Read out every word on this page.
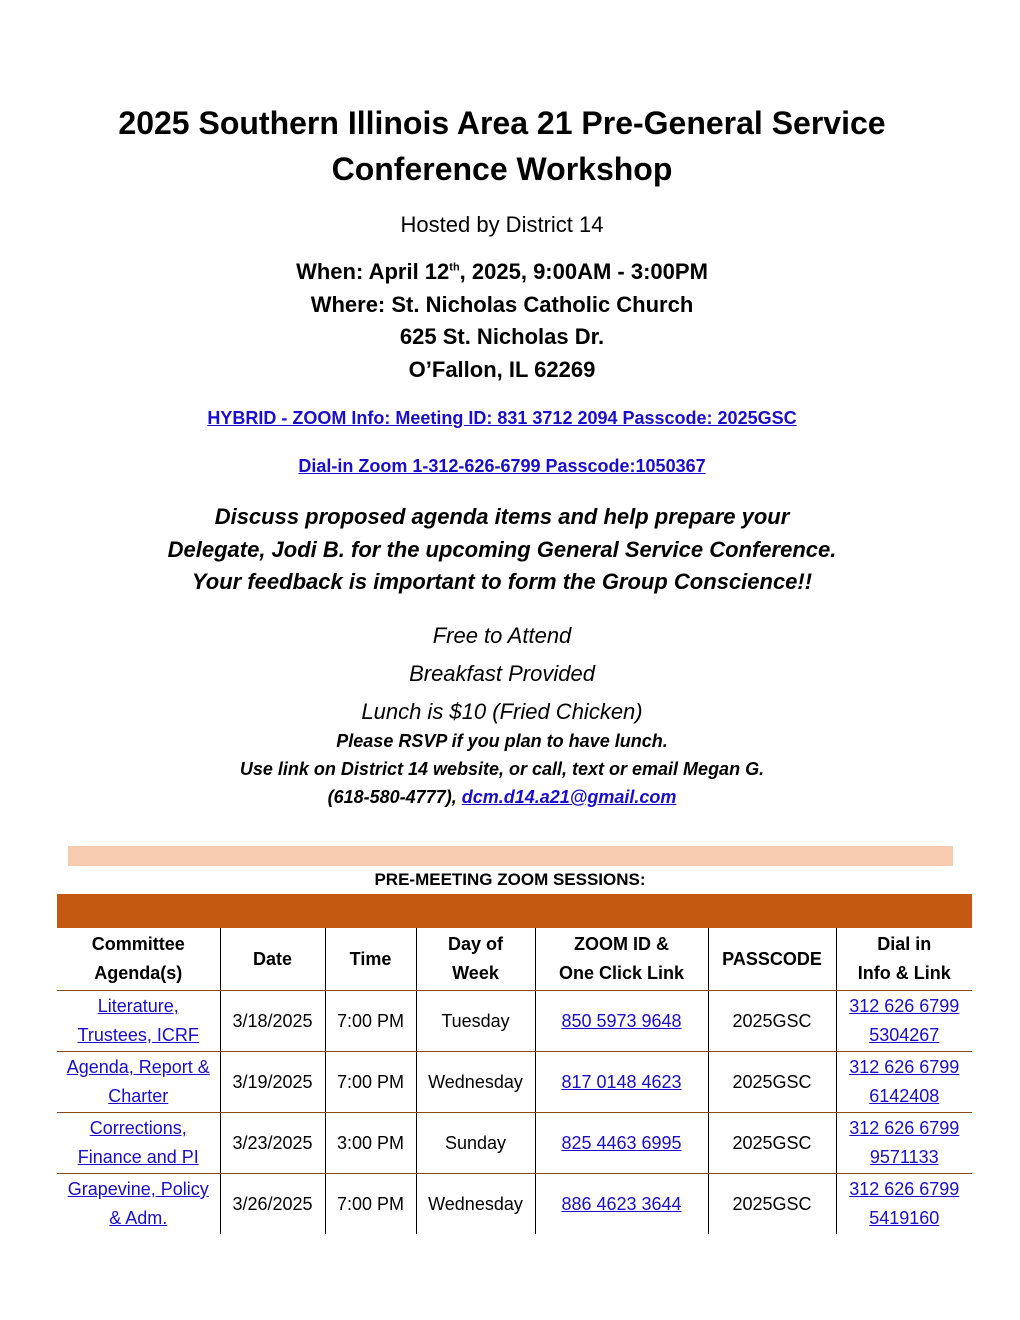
2025 Southern Illinois Area 21 Pre-General Service
Conference Workshop
Hosted by District 14
When: April 12th, 2025, 9:00AM - 3:00PM
Where: St. Nicholas Catholic Church
625 St. Nicholas Dr.
O’Fallon, IL 62269
HYBRID - ZOOM Info: Meeting ID: 831 3712 2094 Passcode: 2025GSC
Dial-in Zoom 1-312-626-6799 Passcode:1050367
Discuss proposed agenda items and help prepare your
Delegate, Jodi B. for the upcoming General Service Conference.
Your feedback is important to form the Group Conscience!!
Free to Attend
Breakfast Provided
Lunch is $10 (Fried Chicken)
Please RSVP if you plan to have lunch.
Use link on District 14 website, or call, text or email Megan G.
(618-580-4777), dcm.d14.a21@gmail.com
PRE-MEETING ZOOM SESSIONS:
Committee
Agenda(s)	Date	Time	Day of
Week	ZOOM ID &
One Click Link	PASSCODE	Dial in
Info & Link
Literature,
Trustees, ICRF	3/18/2025	7:00 PM	Tuesday	850 5973 9648	2025GSC	312 626 6799
5304267
Agenda, Report &
Charter	3/19/2025	7:00 PM	Wednesday	817 0148 4623	2025GSC	312 626 6799
6142408
Corrections,
Finance and PI	3/23/2025	3:00 PM	Sunday	825 4463 6995	2025GSC	312 626 6799
9571133
Grapevine, Policy
& Adm.	3/26/2025	7:00 PM	Wednesday	886 4623 3644	2025GSC	312 626 6799
5419160
